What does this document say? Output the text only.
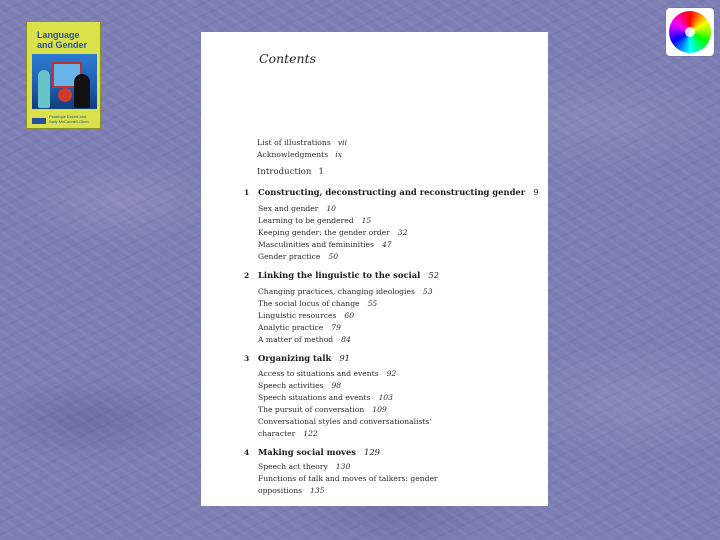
Language
and Gender
Penelope Eckert and
Sally McConnell-Ginet
Contents
List of illustrations vii
Acknowledgments ix
Introduction 1
1 Constructing, deconstructing and reconstructing gender 9
Sex and gender 10
Learning to be gendered 15
Keeping gender: the gender order 32
Masculinities and femininities 47
Gender practice 50
2 Linking the linguistic to the social 52
Changing practices, changing ideologies 53
The social locus of change 55
Linguistic resources 60
Analytic practice 79
A matter of method 84
3 Organizing talk 91
Access to situations and events 92
Speech activities 98
Speech situations and events 103
The pursuit of conversation 109
Conversational styles and conversationalists'
character 122
4 Making social moves 129
Speech act theory 130
Functions of talk and moves of talkers: gender
oppositions 135
